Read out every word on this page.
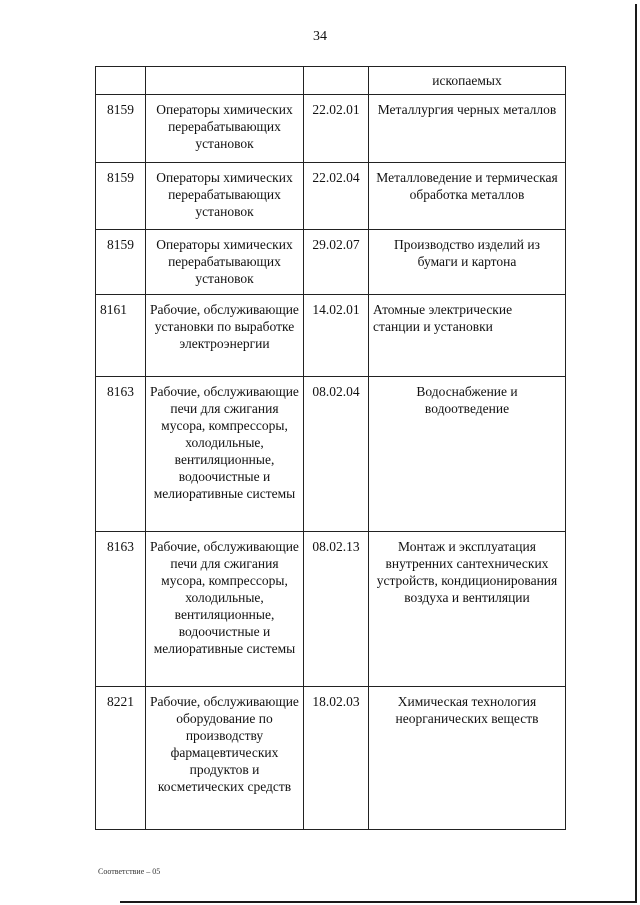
34
			ископаемых
8159	Операторы химических перерабатывающих установок	22.02.01	Металлургия черных металлов
8159	Операторы химических перерабатывающих установок	22.02.04	Металловедение и термическая обработка металлов
8159	Операторы химических перерабатывающих установок	29.02.07	Производство изделий из бумаги и картона
8161	Рабочие, обслуживающие установки по выработке электроэнергии	14.02.01	Атомные электрические станции и установки
8163	Рабочие, обслуживающие печи для сжигания мусора, компрессоры, холодильные, вентиляционные, водоочистные и мелиоративные системы	08.02.04	Водоснабжение и водоотведение
8163	Рабочие, обслуживающие печи для сжигания мусора, компрессоры, холодильные, вентиляционные, водоочистные и мелиоративные системы	08.02.13	Монтаж и эксплуатация внутренних сантехнических устройств, кондиционирования воздуха и вентиляции
8221	Рабочие, обслуживающие оборудование по производству фармацевтических продуктов и косметических средств	18.02.03	Химическая технология неорганических веществ
Соответствие – 05
